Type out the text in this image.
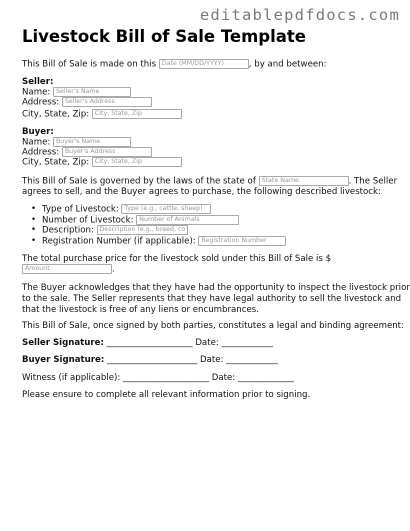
editablepdfdocs.com
Livestock Bill of Sale Template
This Bill of Sale is made on this Date (MM/DD/YYYY)	, by and between:
Seller:
Name: Seller's Name
Address: Seller's Address
City, State, Zip: City, State, Zip
Buyer:
Name: Buyer's Name
Address: Buyer's Address
City, State, Zip: City, State, Zip
This Bill of Sale is governed by the laws of the state of State Name	. The Seller
agrees to sell, and the Buyer agrees to purchase, the following described livestock:
• Type of Livestock: Type (e.g., cattle, sheep)
• Number of Livestock: Number of Animals
• Description: Description (e.g., breed, co
• Registration Number (if applicable): Registration Number
The total purchase price for the livestock sold under this Bill of Sale is $
Amount	.
The Buyer acknowledges that they have had the opportunity to inspect the livestock prior
to the sale. The Seller represents that they have legal authority to sell the livestock and
that the livestock is free of any liens or encumbrances.
This Bill of Sale, once signed by both parties, constitutes a legal and binding agreement:
Seller Signature: ____________________ Date: ____________
Buyer Signature: _____________________ Date: ____________
Witness (if applicable): ____________________ Date: _____________
Please ensure to complete all relevant information prior to signing.
